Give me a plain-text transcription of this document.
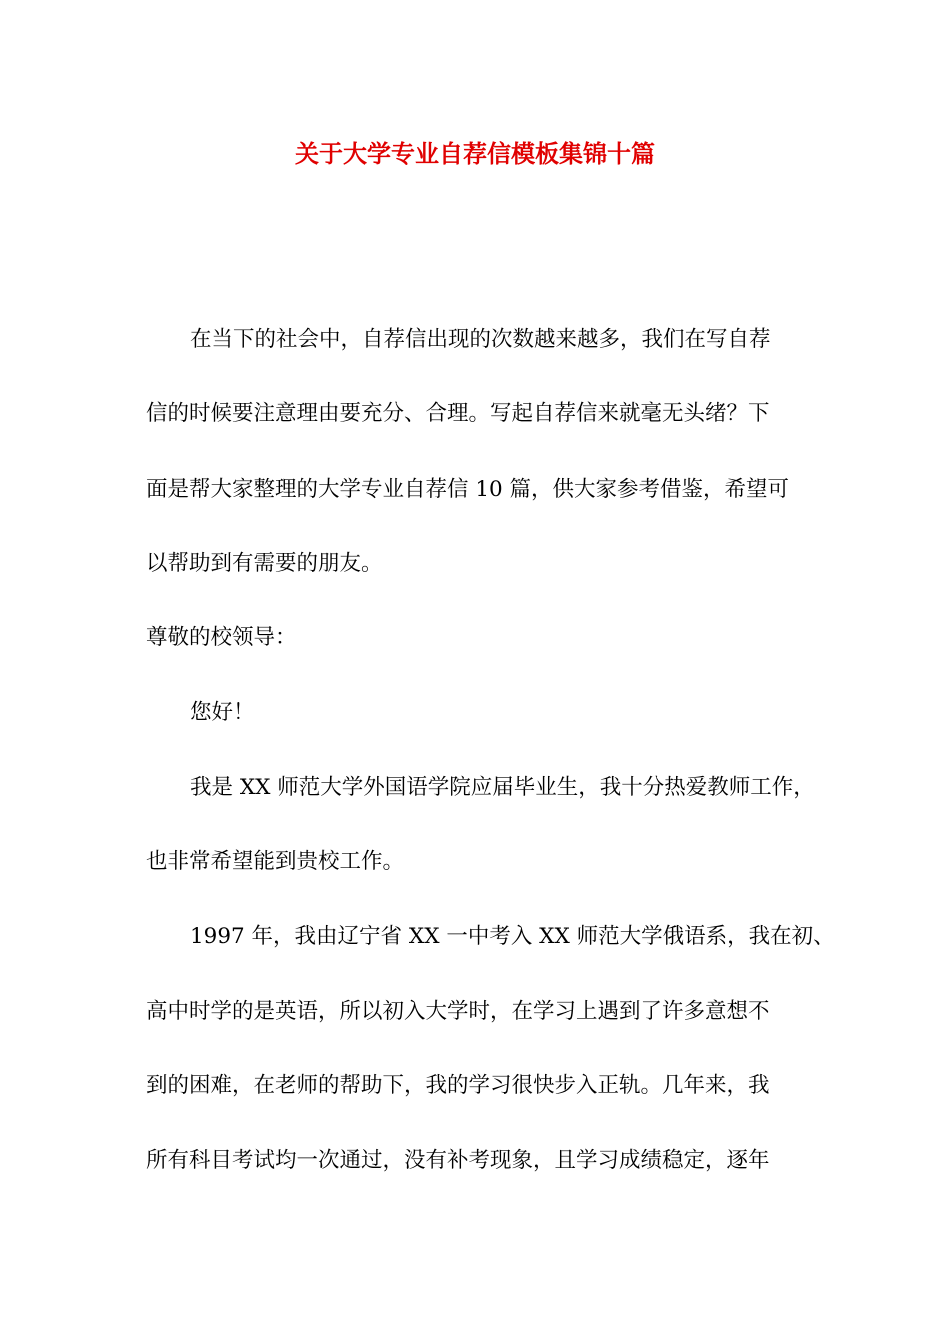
关于大学专业自荐信模板集锦十篇

在当下的社会中，自荐信出现的次数越来越多，我们在写自荐

信的时候要注意理由要充分、合理。写起自荐信来就毫无头绪？下

面是帮大家整理的大学专业自荐信 10 篇，供大家参考借鉴，希望可

以帮助到有需要的朋友。

尊敬的校领导：

您好！

我是 XX 师范大学外国语学院应届毕业生，我十分热爱教师工作，

也非常希望能到贵校工作。

1997 年，我由辽宁省 XX 一中考入 XX 师范大学俄语系，我在初、

高中时学的是英语，所以初入大学时，在学习上遇到了许多意想不

到的困难，在老师的帮助下，我的学习很快步入正轨。几年来，我

所有科目考试均一次通过，没有补考现象，且学习成绩稳定，逐年
